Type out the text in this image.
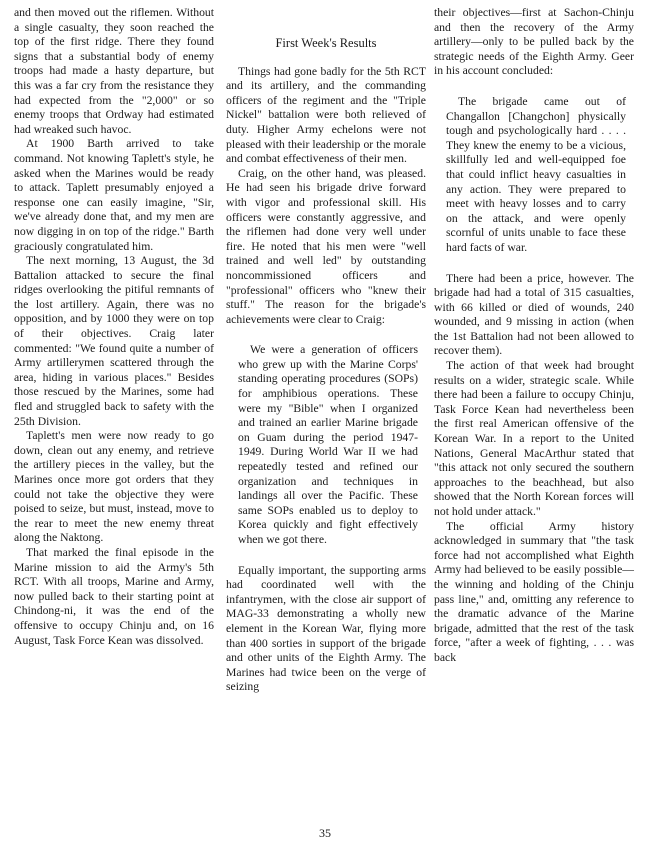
and then moved out the riflemen. Without a single casualty, they soon reached the top of the first ridge. There they found signs that a substantial body of enemy troops had made a hasty departure, but this was a far cry from the resistance they had expected from the "2,000" or so enemy troops that Ordway had estimated had wreaked such havoc.

At 1900 Barth arrived to take command. Not knowing Taplett's style, he asked when the Marines would be ready to attack. Taplett presumably enjoyed a response one can easily imagine, "Sir, we've already done that, and my men are now digging in on top of the ridge." Barth graciously congratulated him.

The next morning, 13 August, the 3d Battalion attacked to secure the final ridges overlooking the pitiful remnants of the lost artillery. Again, there was no opposition, and by 1000 they were on top of their objectives. Craig later commented: "We found quite a number of Army artillerymen scattered through the area, hiding in various places." Besides those rescued by the Marines, some had fled and struggled back to safety with the 25th Division.

Taplett's men were now ready to go down, clean out any enemy, and retrieve the artillery pieces in the valley, but the Marines once more got orders that they could not take the objective they were poised to seize, but must, instead, move to the rear to meet the new enemy threat along the Naktong.

That marked the final episode in the Marine mission to aid the Army's 5th RCT. With all troops, Marine and Army, now pulled back to their starting point at Chindong-ni, it was the end of the offensive to occupy Chinju and, on 16 August, Task Force Kean was dissolved.

First Week's Results

Things had gone badly for the 5th RCT and its artillery, and the commanding officers of the regiment and the "Triple Nickel" battalion were both relieved of duty. Higher Army echelons were not pleased with their leadership or the morale and combat effectiveness of their men.

Craig, on the other hand, was pleased. He had seen his brigade drive forward with vigor and professional skill. His officers were constantly aggressive, and the riflemen had done very well under fire. He noted that his men were "well trained and well led" by outstanding noncommissioned officers and "professional" officers who "knew their stuff." The reason for the brigade's achievements were clear to Craig:

We were a generation of officers who grew up with the Marine Corps' standing operating procedures (SOPs) for amphibious operations. These were my "Bible" when I organized and trained an earlier Marine brigade on Guam during the period 1947-1949. During World War II we had repeatedly tested and refined our organization and techniques in landings all over the Pacific. These same SOPs enabled us to deploy to Korea quickly and fight effectively when we got there.

Equally important, the supporting arms had coordinated well with the infantrymen, with the close air support of MAG-33 demonstrating a wholly new element in the Korean War, flying more than 400 sorties in support of the brigade and other units of the Eighth Army. The Marines had twice been on the verge of seizing

their objectives—first at Sachon-Chinju and then the recovery of the Army artillery—only to be pulled back by the strategic needs of the Eighth Army. Geer in his account concluded:

The brigade came out of Changallon [Changchon] physically tough and psychologically hard . . . . They knew the enemy to be a vicious, skillfully led and well-equipped foe that could inflict heavy casualties in any action. They were prepared to meet with heavy losses and to carry on the attack, and were openly scornful of units unable to face these hard facts of war.

There had been a price, however. The brigade had had a total of 315 casualties, with 66 killed or died of wounds, 240 wounded, and 9 missing in action (when the 1st Battalion had not been allowed to recover them).

The action of that week had brought results on a wider, strategic scale. While there had been a failure to occupy Chinju, Task Force Kean had nevertheless been the first real American offensive of the Korean War. In a report to the United Nations, General MacArthur stated that "this attack not only secured the southern approaches to the beachhead, but also showed that the North Korean forces will not hold under attack."

The official Army history acknowledged in summary that "the task force had not accomplished what Eighth Army had believed to be easily possible—the winning and holding of the Chinju pass line," and, omitting any reference to the dramatic advance of the Marine brigade, admitted that the rest of the task force, "after a week of fighting, . . . was back

35
